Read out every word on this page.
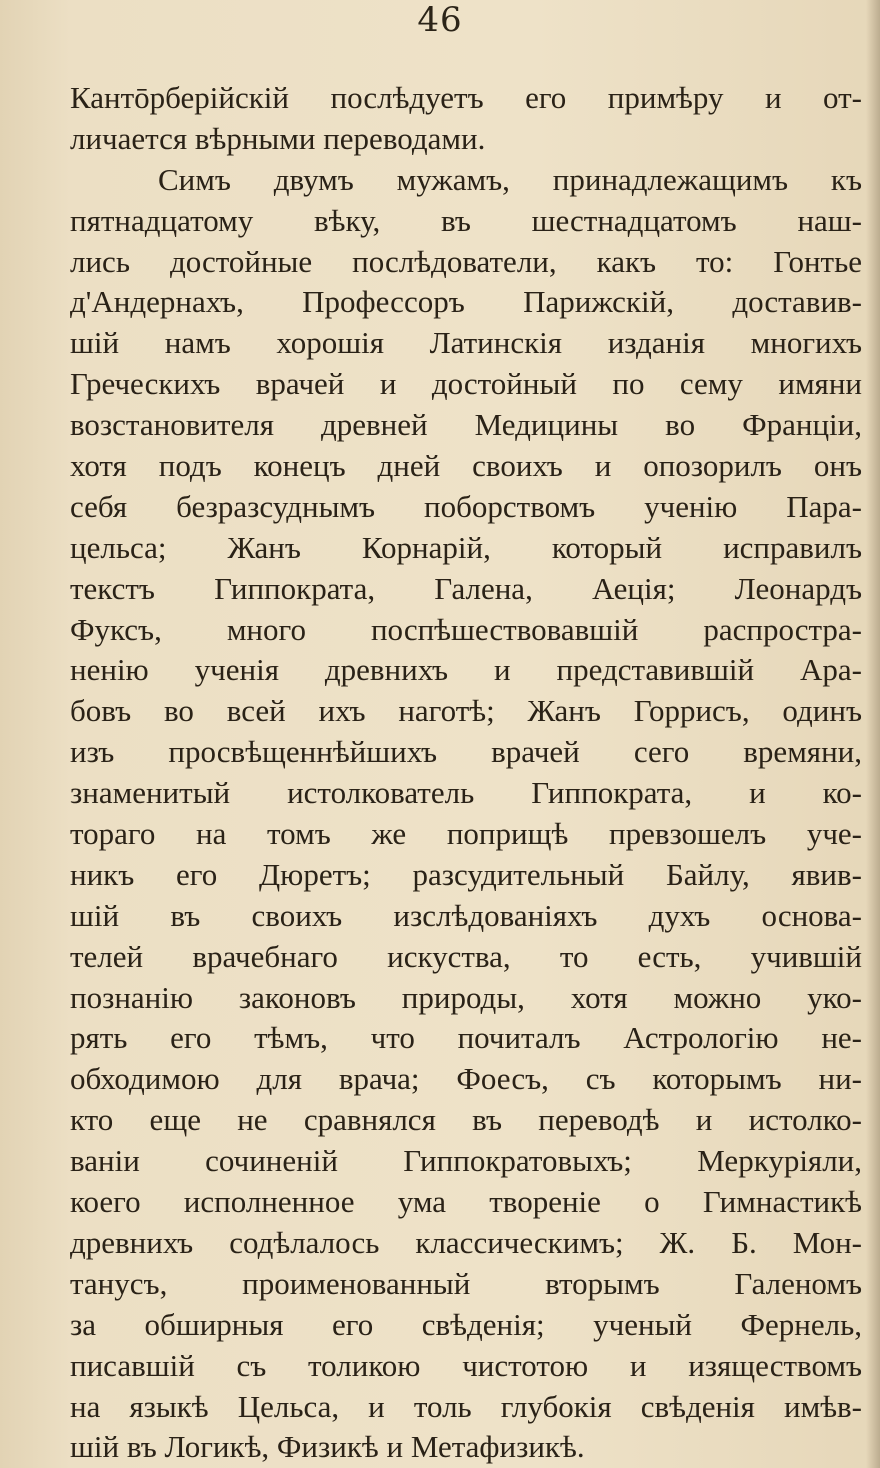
46
Кантōрберійскій послѣдуетъ его примѣру и от-
личается вѣрными переводами.
Симъ двумъ мужамъ, принадлежащимъ къ
пятнадцатому вѣку, въ шестнадцатомъ наш-
лись достойные послѣдователи, какъ то: Гонтье
д'Андернахъ, Профессоръ Парижскій, доставив-
шій намъ хорошія Латинскія изданія многихъ
Греческихъ врачей и достойный по сему имяни
возстановителя древней Медицины во Франціи,
хотя подъ конецъ дней своихъ и опозорилъ онъ
себя безразсуднымъ поборствомъ ученію Пара-
цельса; Жанъ Корнарій, который исправилъ
текстъ Гиппократа, Галена, Аеція; Леонардъ
Фуксъ, много поспѣшествовавшій распростра-
ненію ученія древнихъ и представившій Ара-
бовъ во всей ихъ наготѣ; Жанъ Горрисъ, одинъ
изъ просвѣщеннѣйшихъ врачей сего времяни,
знаменитый истолкователь Гиппократа, и ко-
тораго на томъ же поприщѣ превзошелъ уче-
никъ его Дюретъ; разсудительный Байлу, явив-
шій въ своихъ изслѣдованіяхъ духъ основа-
телей врачебнаго искуства, то есть, учившій
познанію законовъ природы, хотя можно уко-
рять его тѣмъ, что почиталъ Астрологію не-
обходимою для врача; Фоесъ, съ которымъ ни-
кто еще не сравнялся въ переводѣ и истолко-
ваніи сочиненій Гиппократовыхъ; Меркуріяли,
коего исполненное ума твореніе о Гимнастикѣ
древнихъ содѣлалось классическимъ; Ж. Б. Мон-
танусъ, проименованный вторымъ Галеномъ
за обширныя его свѣденія; ученый Фернель,
писавшій съ толикою чистотою и изяществомъ
на языкѣ Цельса, и толь глубокія свѣденія имѣв-
шій въ Логикѣ, Физикѣ и Метафизикѣ.
